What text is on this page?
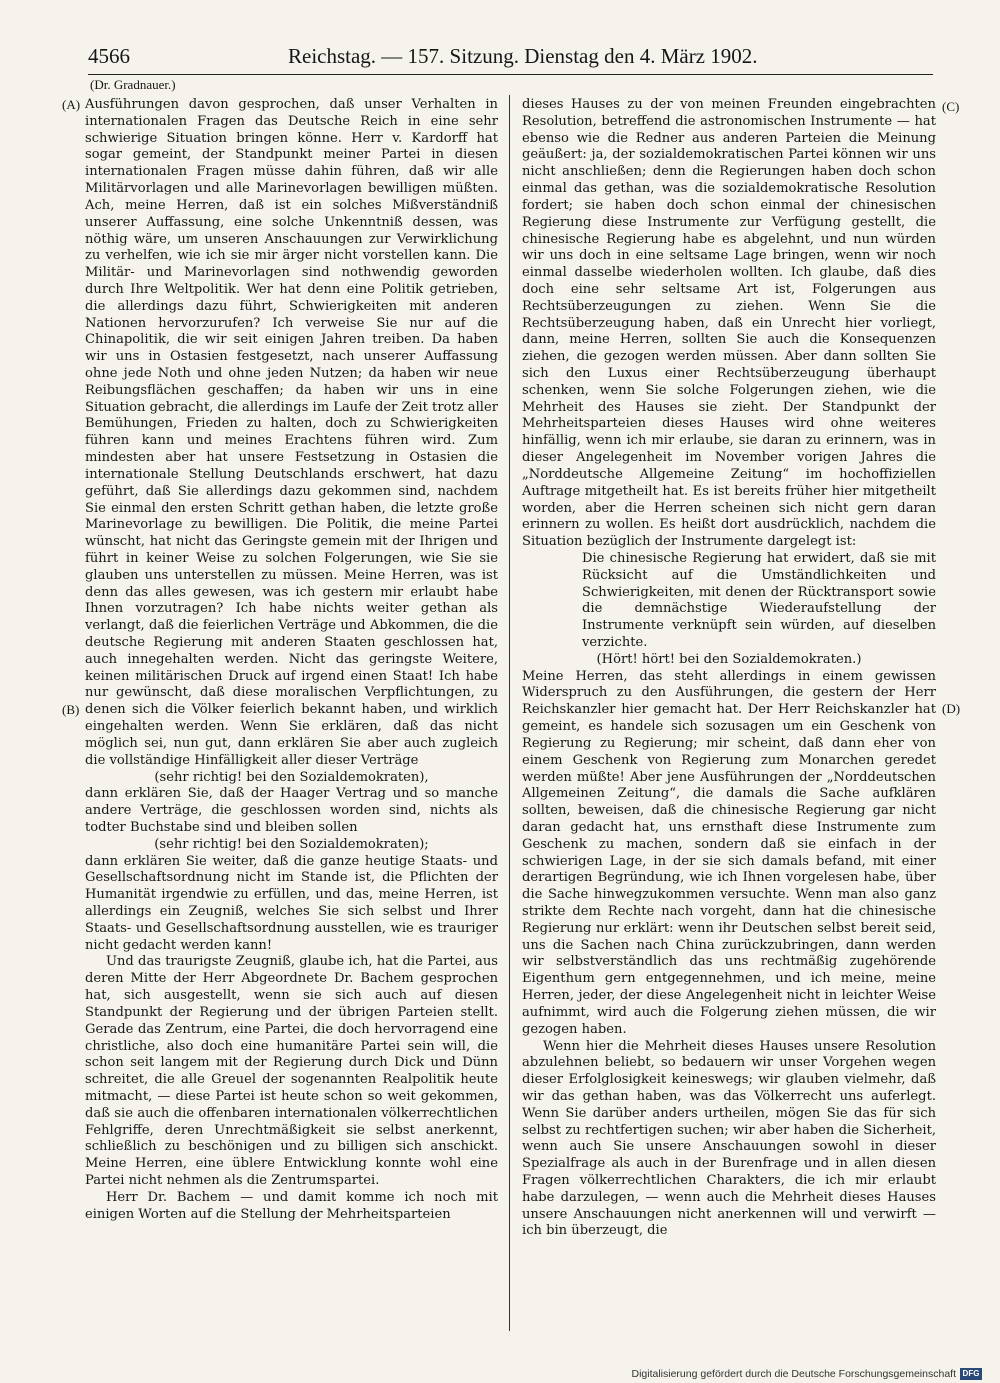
4566	Reichstag. — 157. Sitzung. Dienstag den 4. März 1902.
(Dr. Gradnauer.)
(A)
(B)
(C)
(D)

Ausführungen davon gesprochen, daß unser Verhalten in internationalen Fragen das Deutsche Reich in eine sehr schwierige Situation bringen könne. Herr v. Kardorff hat sogar gemeint, der Standpunkt meiner Partei in diesen internationalen Fragen müsse dahin führen, daß wir alle Militärvorlagen und alle Marinevorlagen bewilligen müßten. Ach, meine Herren, daß ist ein solches Mißverständniß unserer Auffassung, eine solche Unkenntniß dessen, was nöthig wäre, um unseren Anschauungen zur Verwirklichung zu verhelfen, wie ich sie mir ärger nicht vorstellen kann. Die Militär- und Marinevorlagen sind nothwendig geworden durch Ihre Weltpolitik. Wer hat denn eine Politik getrieben, die allerdings dazu führt, Schwierigkeiten mit anderen Nationen hervorzurufen? Ich verweise Sie nur auf die Chinapolitik, die wir seit einigen Jahren treiben. Da haben wir uns in Ostasien festgesetzt, nach unserer Auffassung ohne jede Noth und ohne jeden Nutzen; da haben wir neue Reibungsflächen geschaffen; da haben wir uns in eine Situation gebracht, die allerdings im Laufe der Zeit trotz aller Bemühungen, Frieden zu halten, doch zu Schwierigkeiten führen kann und meines Erachtens führen wird. Zum mindesten aber hat unsere Festsetzung in Ostasien die internationale Stellung Deutschlands erschwert, hat dazu geführt, daß Sie allerdings dazu gekommen sind, nachdem Sie einmal den ersten Schritt gethan haben, die letzte große Marinevorlage zu bewilligen. Die Politik, die meine Partei wünscht, hat nicht das Geringste gemein mit der Ihrigen und führt in keiner Weise zu solchen Folgerungen, wie Sie sie glauben uns unterstellen zu müssen. Meine Herren, was ist denn das alles gewesen, was ich gestern mir erlaubt habe Ihnen vorzutragen? Ich habe nichts weiter gethan als verlangt, daß die feierlichen Verträge und Abkommen, die die deutsche Regierung mit anderen Staaten geschlossen hat, auch innegehalten werden. Nicht das geringste Weitere, keinen militärischen Druck auf irgend einen Staat! Ich habe nur gewünscht, daß diese moralischen Verpflichtungen, zu denen sich die Völker feierlich bekannt haben, und wirklich eingehalten werden. Wenn Sie erklären, daß das nicht möglich sei, nun gut, dann erklären Sie aber auch zugleich die vollständige Hinfälligkeit aller dieser Verträge

(sehr richtig! bei den Sozialdemokraten),

dann erklären Sie, daß der Haager Vertrag und so manche andere Verträge, die geschlossen worden sind, nichts als todter Buchstabe sind und bleiben sollen

(sehr richtig! bei den Sozialdemokraten);

dann erklären Sie weiter, daß die ganze heutige Staats- und Gesellschaftsordnung nicht im Stande ist, die Pflichten der Humanität irgendwie zu erfüllen, und das, meine Herren, ist allerdings ein Zeugniß, welches Sie sich selbst und Ihrer Staats- und Gesellschaftsordnung ausstellen, wie es trauriger nicht gedacht werden kann!

Und das traurigste Zeugniß, glaube ich, hat die Partei, aus deren Mitte der Herr Abgeordnete Dr. Bachem gesprochen hat, sich ausgestellt, wenn sie sich auch auf diesen Standpunkt der Regierung und der übrigen Parteien stellt. Gerade das Zentrum, eine Partei, die doch hervorragend eine christliche, also doch eine humanitäre Partei sein will, die schon seit langem mit der Regierung durch Dick und Dünn schreitet, die alle Greuel der sogenannten Realpolitik heute mitmacht, — diese Partei ist heute schon so weit gekommen, daß sie auch die offenbaren internationalen völkerrechtlichen Fehlgriffe, deren Unrechtmäßigkeit sie selbst anerkennt, schließlich zu beschönigen und zu billigen sich anschickt. Meine Herren, eine üblere Entwicklung konnte wohl eine Partei nicht nehmen als die Zentrumspartei.

Herr Dr. Bachem — und damit komme ich noch mit einigen Worten auf die Stellung der Mehrheitsparteien

dieses Hauses zu der von meinen Freunden eingebrachten Resolution, betreffend die astronomischen Instrumente — hat ebenso wie die Redner aus anderen Parteien die Meinung geäußert: ja, der sozialdemokratischen Partei können wir uns nicht anschließen; denn die Regierungen haben doch schon einmal das gethan, was die sozialdemokratische Resolution fordert; sie haben doch schon einmal der chinesischen Regierung diese Instrumente zur Verfügung gestellt, die chinesische Regierung habe es abgelehnt, und nun würden wir uns doch in eine seltsame Lage bringen, wenn wir noch einmal dasselbe wiederholen wollten. Ich glaube, daß dies doch eine sehr seltsame Art ist, Folgerungen aus Rechtsüberzeugungen zu ziehen. Wenn Sie die Rechtsüberzeugung haben, daß ein Unrecht hier vorliegt, dann, meine Herren, sollten Sie auch die Konsequenzen ziehen, die gezogen werden müssen. Aber dann sollten Sie sich den Luxus einer Rechtsüberzeugung überhaupt schenken, wenn Sie solche Folgerungen ziehen, wie die Mehrheit des Hauses sie zieht. Der Standpunkt der Mehrheitsparteien dieses Hauses wird ohne weiteres hinfällig, wenn ich mir erlaube, sie daran zu erinnern, was in dieser Angelegenheit im November vorigen Jahres die „Norddeutsche Allgemeine Zeitung“ im hochoffiziellen Auftrage mitgetheilt hat. Es ist bereits früher hier mitgetheilt worden, aber die Herren scheinen sich nicht gern daran erinnern zu wollen. Es heißt dort ausdrücklich, nachdem die Situation bezüglich der Instrumente dargelegt ist:

Die chinesische Regierung hat erwidert, daß sie mit Rücksicht auf die Umständlichkeiten und Schwierigkeiten, mit denen der Rücktransport sowie die demnächstige Wiederaufstellung der Instrumente verknüpft sein würden, auf dieselben verzichte.

(Hört! hört! bei den Sozialdemokraten.)

Meine Herren, das steht allerdings in einem gewissen Widerspruch zu den Ausführungen, die gestern der Herr Reichskanzler hier gemacht hat. Der Herr Reichskanzler hat gemeint, es handele sich sozusagen um ein Geschenk von Regierung zu Regierung; mir scheint, daß dann eher von einem Geschenk von Regierung zum Monarchen geredet werden müßte! Aber jene Ausführungen der „Norddeutschen Allgemeinen Zeitung“, die damals die Sache aufklären sollten, beweisen, daß die chinesische Regierung gar nicht daran gedacht hat, uns ernsthaft diese Instrumente zum Geschenk zu machen, sondern daß sie einfach in der schwierigen Lage, in der sie sich damals befand, mit einer derartigen Begründung, wie ich Ihnen vorgelesen habe, über die Sache hinwegzukommen versuchte. Wenn man also ganz strikte dem Rechte nach vorgeht, dann hat die chinesische Regierung nur erklärt: wenn ihr Deutschen selbst bereit seid, uns die Sachen nach China zurückzubringen, dann werden wir selbstverständlich das uns rechtmäßig zugehörende Eigenthum gern entgegennehmen, und ich meine, meine Herren, jeder, der diese Angelegenheit nicht in leichter Weise aufnimmt, wird auch die Folgerung ziehen müssen, die wir gezogen haben.

Wenn hier die Mehrheit dieses Hauses unsere Resolution abzulehnen beliebt, so bedauern wir unser Vorgehen wegen dieser Erfolglosigkeit keineswegs; wir glauben vielmehr, daß wir das gethan haben, was das Völkerrecht uns auferlegt. Wenn Sie darüber anders urtheilen, mögen Sie das für sich selbst zu rechtfertigen suchen; wir aber haben die Sicherheit, wenn auch Sie unsere Anschauungen sowohl in dieser Spezialfrage als auch in der Burenfrage und in allen diesen Fragen völkerrechtlichen Charakters, die ich mir erlaubt habe darzulegen, — wenn auch die Mehrheit dieses Hauses unsere Anschauungen nicht anerkennen will und verwirft — ich bin überzeugt, die

Digitalisierung gefördert durch die Deutsche Forschungsgemeinschaft DFG
